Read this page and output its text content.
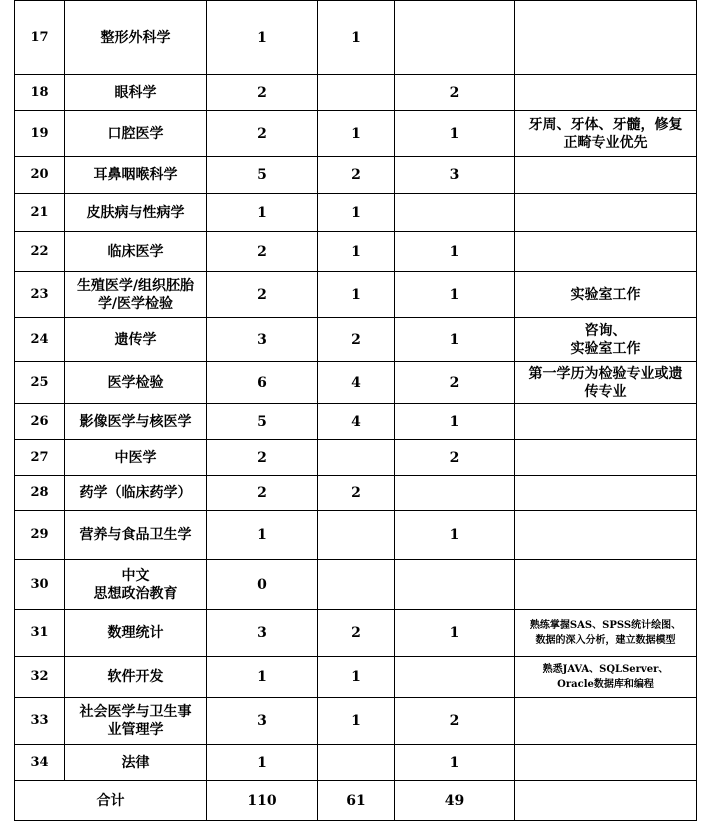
17	整形外科学	1	1		
18	眼科学	2		2	
19	口腔医学	2	1	1	牙周、牙体、牙髓，修复
正畸专业优先

20	耳鼻咽喉科学	5	2	3	
21	皮肤病与性病学	1	1		
22	临床医学	2	1	1	
23	生殖医学/组织胚胎
学/医学检验	2	1	1	实验室工作

24	遗传学	3	2	1	咨询、
实验室工作

25	医学检验	6	4	2	第一学历为检验专业或遗
传专业

26	影像医学与核医学	5	4	1	
27	中医学	2		2	
28	药学（临床药学）	2	2		
29	营养与食品卫生学	1		1	
30	中文
思想政治教育	0			
31	数理统计	3	2	1	熟练掌握SAS、SPSS统计绘图、
数据的深入分析，建立数据模型

32	软件开发	1	1		熟悉JAVA、SQLServer、
Oracle数据库和编程

33	社会医学与卫生事
业管理学	3	1	2	
34	法律	1		1	
合计		110	61	49	
